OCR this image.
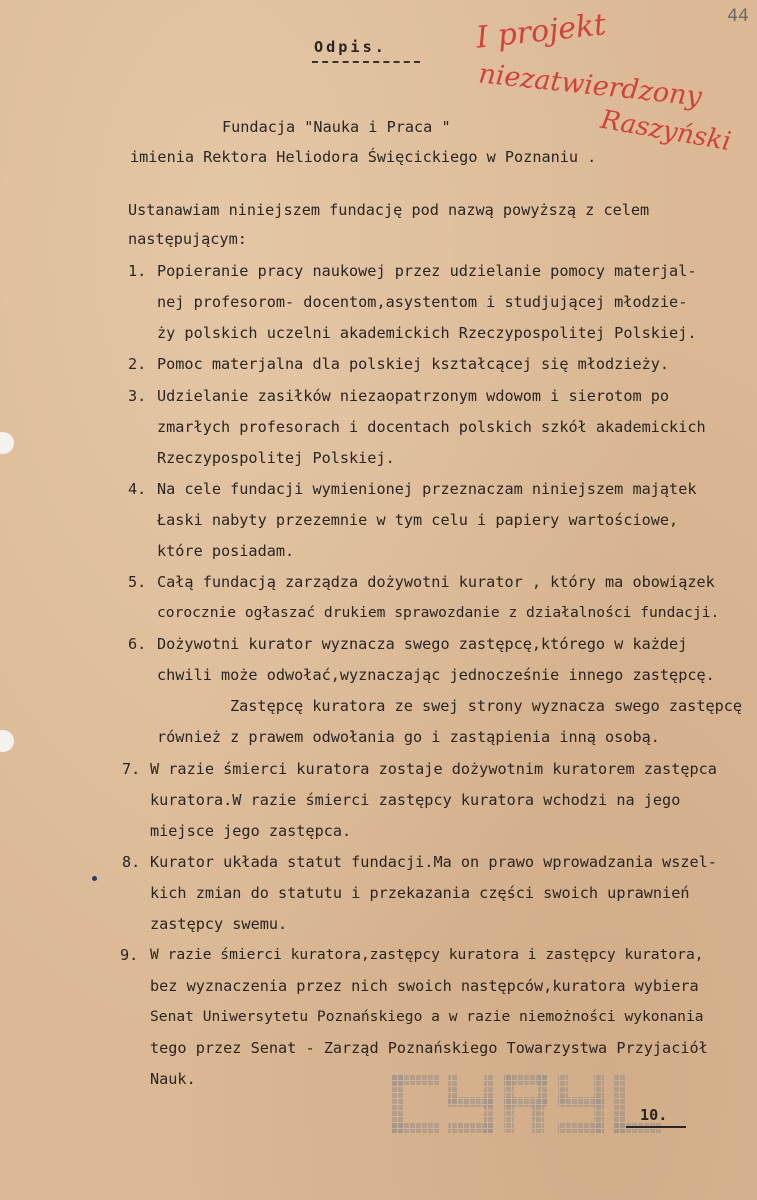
44
Odpis.	I projekt
niezatwierdzony
Raszyński
Fundacja "Nauka i Praca "
imienia Rektora Heliodora Święcickiego w Poznaniu .
Ustanawiam niniejszem fundację pod nazwą powyższą z celem
następującym:
1. Popieranie pracy naukowej przez udzielanie pomocy materjal-
nej profesorom- docentom,asystentom i studjującej młodzie-
ży polskich uczelni akademickich Rzeczypospolitej Polskiej.
2. Pomoc materjalna dla polskiej kształcącej się młodzieży.
3. Udzielanie zasiłków niezaopatrzonym wdowom i sierotom po
zmarłych profesorach i docentach polskich szkół akademickich
Rzeczypospolitej Polskiej.
4. Na cele fundacji wymienionej przeznaczam niniejszem majątek
Łaski nabyty przezemnie w tym celu i papiery wartościowe,
które posiadam.
5. Całą fundacją zarządza dożywotni kurator , który ma obowiązek
corocznie ogłaszać drukiem sprawozdanie z działalności fundacji.
6. Dożywotni kurator wyznacza swego zastępcę,którego w każdej
chwili może odwołać,wyznaczając jednocześnie innego zastępcę.
Zastępcę kuratora ze swej strony wyznacza swego zastępcę
również z prawem odwołania go i zastąpienia inną osobą.
7. W razie śmierci kuratora zostaje dożywotnim kuratorem zastępca
kuratora.W razie śmierci zastępcy kuratora wchodzi na jego
miejsce jego zastępca.
8. Kurator układa statut fundacji.Ma on prawo wprowadzania wszel-
kich zmian do statutu i przekazania części swoich uprawnień
zastępcy swemu.
9. W razie śmierci kuratora,zastępcy kuratora i zastępcy kuratora,
bez wyznaczenia przez nich swoich następców,kuratora wybiera
Senat Uniwersytetu Poznańskiego a w razie niemożności wykonania
tego przez Senat - Zarząd Poznańskiego Towarzystwa Przyjaciół
Nauk.
10.
